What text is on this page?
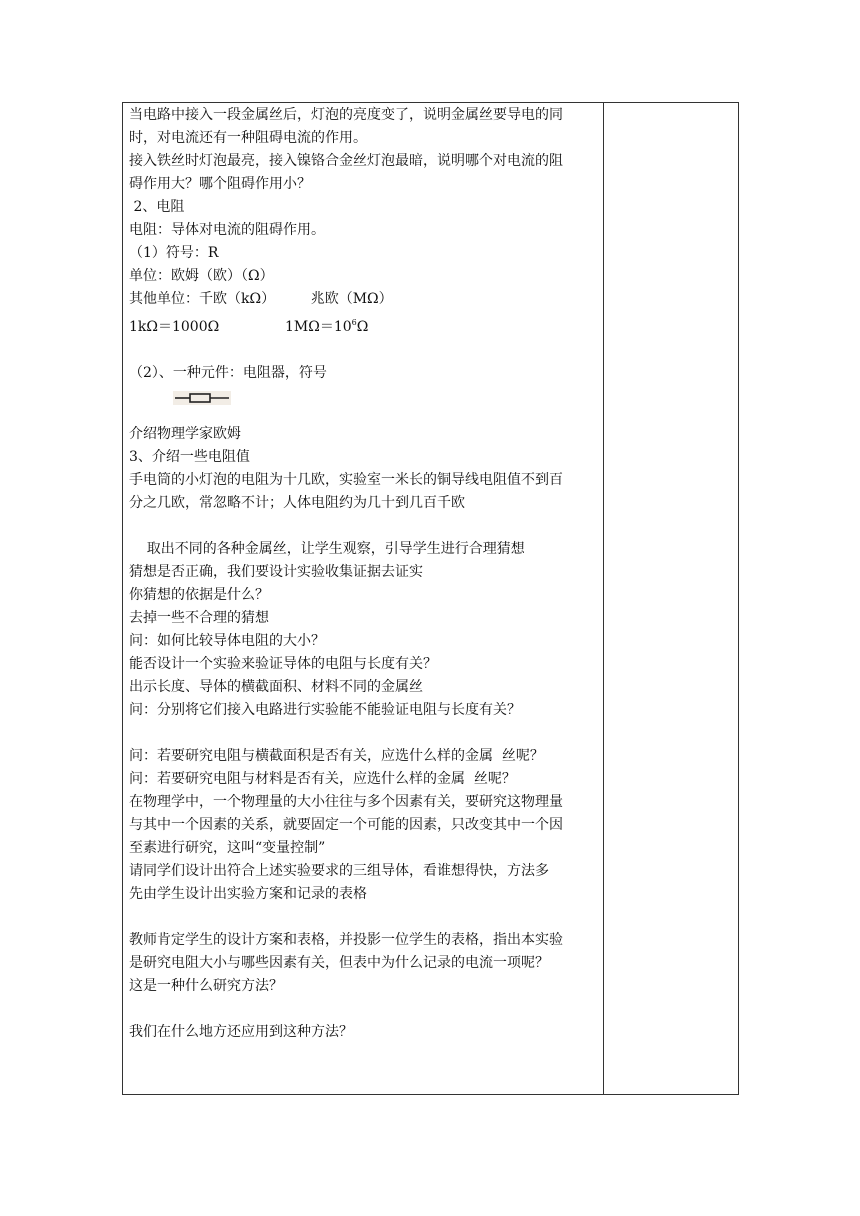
当电路中接入一段金属丝后，灯泡的亮度变了，说明金属丝要导电的同

时，对电流还有一种阻碍电流的作用。

接入铁丝时灯泡最亮，接入镍铬合金丝灯泡最暗，说明哪个对电流的阻

碍作用大？哪个阻碍作用小？

2、电阻

电阻：导体对电流的阻碍作用。

（1）符号：R

单位：欧姆（欧）（Ω）

其他单位：千欧（kΩ）        兆欧（MΩ）

1kΩ＝1000Ω	$1M\Omega=10^6\Omega$

（2）、一种元件：电阻器，符号

介绍物理学家欧姆

3、介绍一些电阻值

手电筒的小灯泡的电阻为十几欧，实验室一米长的铜导线电阻值不到百

分之几欧，常忽略不计；人体电阻约为几十到几百千欧

取出不同的各种金属丝，让学生观察，引导学生进行合理猜想

猜想是否正确，我们要设计实验收集证据去证实

你猜想的依据是什么？

去掉一些不合理的猜想

问：如何比较导体电阻的大小？

能否设计一个实验来验证导体的电阻与长度有关？

出示长度、导体的横截面积、材料不同的金属丝

问：分别将它们接入电路进行实验能不能验证电阻与长度有关？

问：若要研究电阻与横截面积是否有关，应选什么样的金属  丝呢？

问：若要研究电阻与材料是否有关，应选什么样的金属  丝呢？

在物理学中，一个物理量的大小往往与多个因素有关，要研究这物理量

与其中一个因素的关系，就要固定一个可能的因素，只改变其中一个因

至素进行研究，这叫“变量控制”

请同学们设计出符合上述实验要求的三组导体，看谁想得快，方法多

先由学生设计出实验方案和记录的表格

教师肯定学生的设计方案和表格，并投影一位学生的表格，指出本实验

是研究电阻大小与哪些因素有关，但表中为什么记录的电流一项呢？

这是一种什么研究方法？

我们在什么地方还应用到这种方法？
